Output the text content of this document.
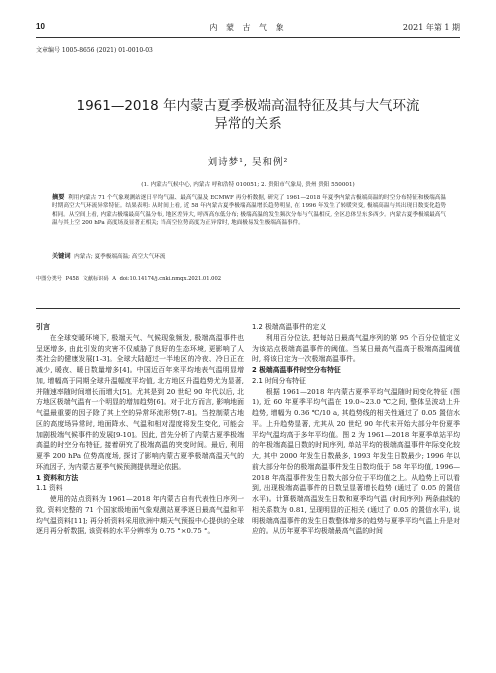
10	内 蒙 古 气 象	2021 年第 1 期
文章编号 1005-8656 (2021) 01-0010-03
1961—2018 年内蒙古夏季极端高温特征及其与大气环流
异常的关系
刘诗梦¹, 吴和例²
(1. 内蒙古气候中心, 内蒙古 呼和浩特 010051; 2. 贵阳市气象局, 贵州 贵阳 550001)
摘要 利用内蒙古 71 个气象观测站逐日平均气温、最高气温及 ECMWF 再分析数据, 研究了 1961—2018 年夏季内蒙古极端高温的时空分布特征和极端高温时期高空大气环流异常特征。结果表明: 从时间上看, 近 58 年内蒙古夏季极端高温增长趋势明显, 在 1996 年发生了转暖突变, 极端高温与其出现日数变化趋势相同。从空间上看, 内蒙古极端最高气温分布, 地区差异大, 呼西高东低分布; 极端高温的发生频次分布与气温相反, 全区总体呈东多西少。内蒙古夏季极端最高气温与其上空 200 hPa 高度场及显著正相关; 当高空位势高度为正异常时, 地面极易发生极端高温事件。
关键词 内蒙古; 夏季极端高温; 高空大气环流
中图分类号 P458 文献标识码 A doi:10.14174/j.cnki.nmqx.2021.01.002

引言

在全球变暖环境下, 极端天气、气候现象频发, 极端高温事件也呈逐增多, 由此引发的灾害不仅威胁了良好的生态环境, 更影响了人类社会的健康发展[1-3]。全球大陆超过一半地区的冷夜、冷日正在减少, 暖夜、暖日数量增多[4]。中国近百年来平均地表气温明显增加, 增幅高于同期全球升温幅度平均值, 北方地区升温趋势尤为显著, 并随速率随时间增长而增大[5]。尤其是到 20 世纪 90 年代以后, 北方地区极端气温有一个明显的增加趋势[6]。对于北方而言, 影响地面气温最重要的因子除了其上空的异常环流形势[7-8]。当控制蒙古地区的高度场异常时, 地面降水、气温和相对湿度将发生变化, 可能会加剧极端气候事件的发展[9-10]。因此, 首先分析了内蒙古夏季极端高温的时空分布特征, 接着研究了极端高温的突变时间。最后, 利用夏季 200 hPa 位势高度场, 探讨了影响内蒙古夏季极端高温天气的环流因子, 为内蒙古夏季气候预测提供理论依据。

1 资料和方法

1.1 资料

使用的站点资料为 1961—2018 年内蒙古自有代表性日序列一致, 资料完整的 71 个国家级地面气象观测站夏季逐日最高气温和平均气温资料[11]; 再分析资料采用欧洲中期天气预报中心提供的全球逐月再分析数据, 该资料的水平分辨率为 0.75 °×0.75 °。

1.2 极端高温事件的定义

利用百分位法, 把每站日最高气温序列的第 95 个百分位值定义为该站点极端高温事件的阈值。当某日最高气温高于极端高温阈值时, 将该日定为一次极端高温事件。

2 极端高温事件时空分布特征

2.1 时间分布特征

根据 1961—2018 年内蒙古夏季平均气温随时间变化特征 (图 1), 近 60 年夏季平均气温在 19.0~23.0 ℃之间, 整体呈波动上升趋势, 增幅为 0.36 ℃/10 a, 其趋势线的相关性通过了 0.05 置信水平。上升趋势显著, 尤其从 20 世纪 90 年代末开始大部分年份夏季平均气温均高于多年平均值。图 2 为 1961—2018 年夏季单站平均的年极端高温日数的时间序列, 单站平均的极端高温事件年际变化较大, 其中 2000 年发生日数最多, 1993 年发生日数最少; 1996 年以前大部分年份的极端高温事件发生日数均低于 58 年平均值, 1996—2018 年高温事件发生日数大部分位于平均值之上。从趋势上可以看到, 出现极端高温事件的日数呈显著增长趋势 (通过了 0.05 的置信水平)。计算极端高温发生日数和夏季均气温 (时间序列) 两条曲线的相关系数为 0.81, 呈现明显的正相关 (通过了 0.05 的置信水平), 说明极端高温事件的发生日数整体增多的趋势与夏季平均气温上升是对应的。从历年夏季平均极端最高气温的时间
